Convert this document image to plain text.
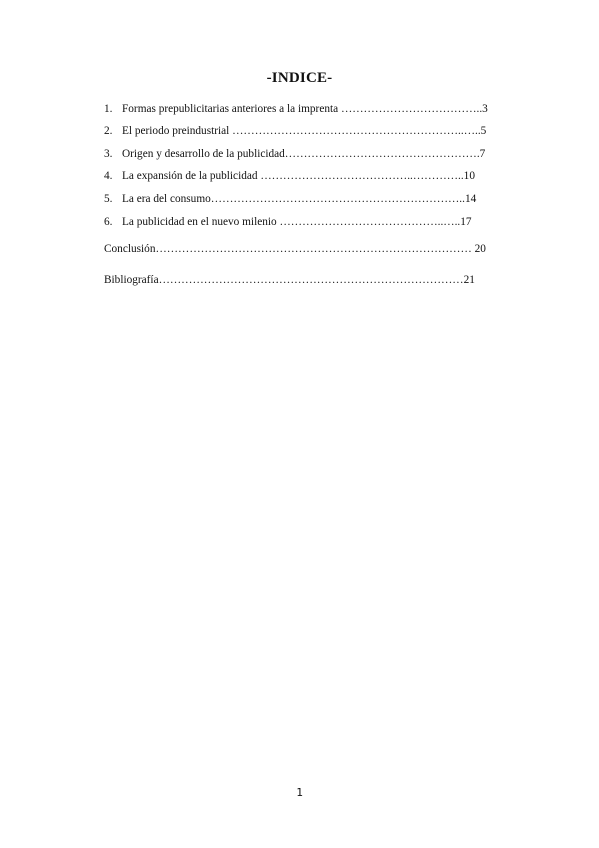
-INDICE-
1. Formas prepublicitarias anteriores a la imprenta ………………………………..3
2. El periodo preindustrial ……………………………………………………..…..5
3. Origen y desarrollo de la publicidad…………………………………………….7
4. La expansión de la publicidad …………………………………..…………..10
5. La era del consumo…………………………………………………………..14
6. La publicidad en el nuevo milenio ……………………………………..…..17
Conclusión………………………………………………………………………… 20
Bibliografía………………………………………………………………………21
1
